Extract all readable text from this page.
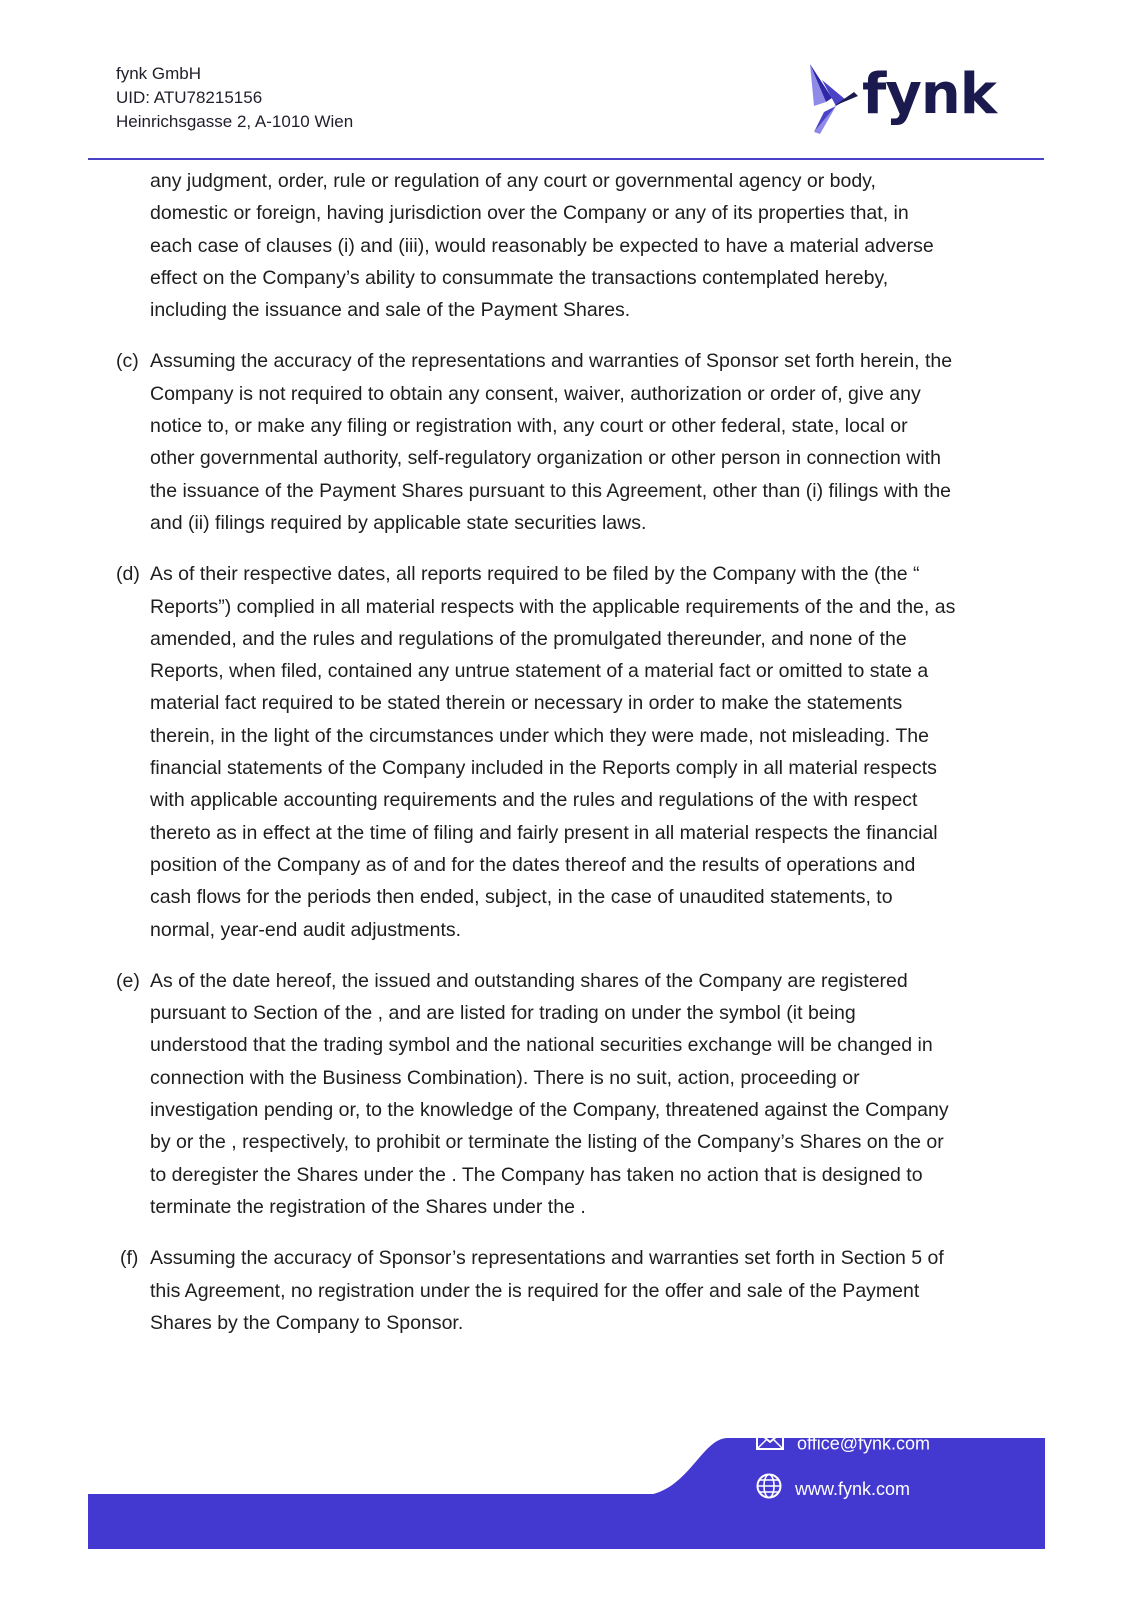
fynk GmbH
UID: ATU78215156
Heinrichsgasse 2, A-1010 Wien	fynk

any judgment, order, rule or regulation of any court or governmental agency or body,

domestic or foreign, having jurisdiction over the Company or any of its properties that, in

each case of clauses (i) and (iii), would reasonably be expected to have a material adverse

effect on the Company’s ability to consummate the transactions contemplated hereby,

including the issuance and sale of the Payment Shares.

(c) Assuming the accuracy of the representations and warranties of Sponsor set forth herein, the

Company is not required to obtain any consent, waiver, authorization or order of, give any

notice to, or make any filing or registration with, any court or other federal, state, local or

other governmental authority, self-regulatory organization or other person in connection with

the issuance of the Payment Shares pursuant to this Agreement, other than (i) filings with the

and (ii) filings required by applicable state securities laws.

(d) As of their respective dates, all reports required to be filed by the Company with the (the “

Reports”) complied in all material respects with the applicable requirements of the and the, as

amended, and the rules and regulations of the promulgated thereunder, and none of the

Reports, when filed, contained any untrue statement of a material fact or omitted to state a

material fact required to be stated therein or necessary in order to make the statements

therein, in the light of the circumstances under which they were made, not misleading. The

financial statements of the Company included in the Reports comply in all material respects

with applicable accounting requirements and the rules and regulations of the with respect

thereto as in effect at the time of filing and fairly present in all material respects the financial

position of the Company as of and for the dates thereof and the results of operations and

cash flows for the periods then ended, subject, in the case of unaudited statements, to

normal, year-end audit adjustments.

(e) As of the date hereof, the issued and outstanding shares of the Company are registered

pursuant to Section of the , and are listed for trading on under the symbol (it being

understood that the trading symbol and the national securities exchange will be changed in

connection with the Business Combination). There is no suit, action, proceeding or

investigation pending or, to the knowledge of the Company, threatened against the Company

by or the , respectively, to prohibit or terminate the listing of the Company’s Shares on the or

to deregister the Shares under the . The Company has taken no action that is designed to

terminate the registration of the Shares under the .

(f) Assuming the accuracy of Sponsor’s representations and warranties set forth in Section 5 of

this Agreement, no registration under the is required for the offer and sale of the Payment

Shares by the Company to Sponsor.

office@fynk.com
www.fynk.com
